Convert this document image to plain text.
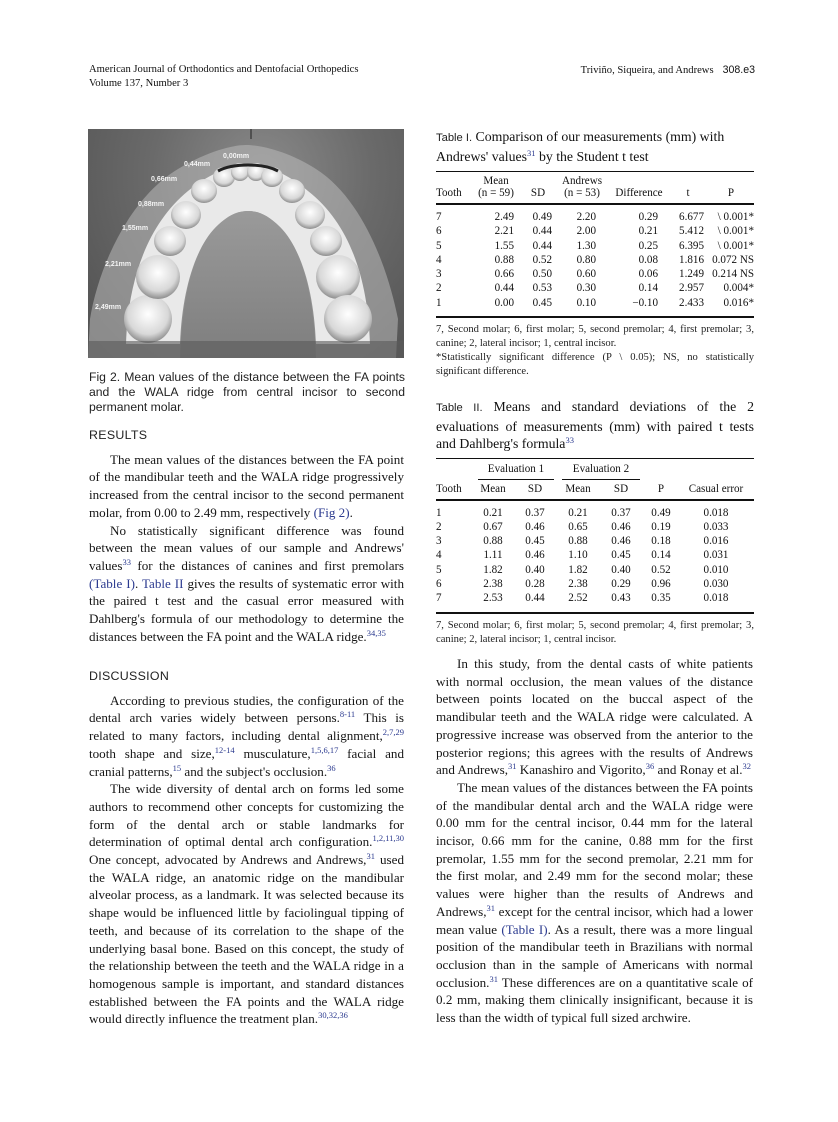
American Journal of Orthodontics and Dentofacial Orthopedics
Volume 137, Number 3
Triviño, Siqueira, and Andrews 308.e3
0,00mm
0,44mm
0,66mm
0,88mm
1,55mm
2,21mm
2,49mm
Fig 2. Mean values of the distance between the FA points and the WALA ridge from central incisor to second permanent molar.
RESULTS

The mean values of the distances between the FA point of the mandibular teeth and the WALA ridge progressively increased from the central incisor to the second permanent molar, from 0.00 to 2.49 mm, respectively (Fig 2).

No statistically significant difference was found between the mean values of our sample and Andrews' values$^{33}$ for the distances of canines and first premolars (Table I). Table II gives the results of systematic error with the paired t test and the casual error measured with Dahlberg's formula of our methodology to determine the distances between the FA point and the WALA ridge.$^{34,35}$

DISCUSSION

According to previous studies, the configuration of the dental arch varies widely between persons.$^{8-11}$ This is related to many factors, including dental alignment,$^{2,7,29}$ tooth shape and size,$^{12-14}$ musculature,$^{1,5,6,17}$ facial and cranial patterns,$^{15}$ and the subject's occlusion.$^{36}$

The wide diversity of dental arch on forms led some authors to recommend other concepts for customizing the form of the dental arch or stable landmarks for determination of optimal dental arch configuration.$^{1,2,11,30}$ One concept, advocated by Andrews and Andrews,$^{31}$ used the WALA ridge, an anatomic ridge on the mandibular alveolar process, as a landmark. It was selected because its shape would be influenced little by faciolingual tipping of teeth, and because of its correlation to the shape of the underlying basal bone. Based on this concept, the study of the relationship between the teeth and the WALA ridge in a homogenous sample is important, and standard distances established between the FA points and the WALA ridge would directly influence the treatment plan.$^{30,32,36}$

Table I. Comparison of our measurements (mm) with Andrews' values$^{31}$ by the Student t test
	Mean		Andrews			
Tooth	(n = 59)	SD	(n = 53)	Difference	t	P
7	2.49	0.49	2.20	0.29	6.677	\ 0.001*
6	2.21	0.44	2.00	0.21	5.412	\ 0.001*
5	1.55	0.44	1.30	0.25	6.395	\ 0.001*
4	0.88	0.52	0.80	0.08	1.816	0.072 NS
3	0.66	0.50	0.60	0.06	1.249	0.214 NS
2	0.44	0.53	0.30	0.14	2.957	0.004*
1	0.00	0.45	0.10	−0.10	2.433	0.016*
7, Second molar; 6, first molar; 5, second premolar; 4, first premolar; 3, canine; 2, lateral incisor; 1, central incisor.
*Statistically significant difference (P \ 0.05); NS, no statistically significant difference.
Table II. Means and standard deviations of the 2 evaluations of measurements (mm) with paired t tests and Dahlberg's formula$^{33}$
	Evaluation 1		Evaluation 2	

Tooth	Mean	SD	Mean	SD	P	Casual error
1	0.21	0.37	0.21	0.37	0.49	0.018
2	0.67	0.46	0.65	0.46	0.19	0.033
3	0.88	0.45	0.88	0.46	0.18	0.016
4	1.11	0.46	1.10	0.45	0.14	0.031
5	1.82	0.40	1.82	0.40	0.52	0.010
6	2.38	0.28	2.38	0.29	0.96	0.030
7	2.53	0.44	2.52	0.43	0.35	0.018
7, Second molar; 6, first molar; 5, second premolar; 4, first premolar; 3, canine; 2, lateral incisor; 1, central incisor.

In this study, from the dental casts of white patients with normal occlusion, the mean values of the distance between points located on the buccal aspect of the mandibular teeth and the WALA ridge were calculated. A progressive increase was observed from the anterior to the posterior regions; this agrees with the results of Andrews and Andrews,$^{31}$ Kanashiro and Vigorito,$^{36}$ and Ronay et al.$^{32}$

The mean values of the distances between the FA points of the mandibular dental arch and the WALA ridge were 0.00 mm for the central incisor, 0.44 mm for the lateral incisor, 0.66 mm for the canine, 0.88 mm for the first premolar, 1.55 mm for the second premolar, 2.21 mm for the first molar, and 2.49 mm for the second molar; these values were higher than the results of Andrews and Andrews,$^{31}$ except for the central incisor, which had a lower mean value (Table I). As a result, there was a more lingual position of the mandibular teeth in Brazilians with normal occlusion than in the sample of Americans with normal occlusion.$^{31}$ These differences are on a quantitative scale of 0.2 mm, making them clinically insignificant, because it is less than the width of typical full sized archwire.
